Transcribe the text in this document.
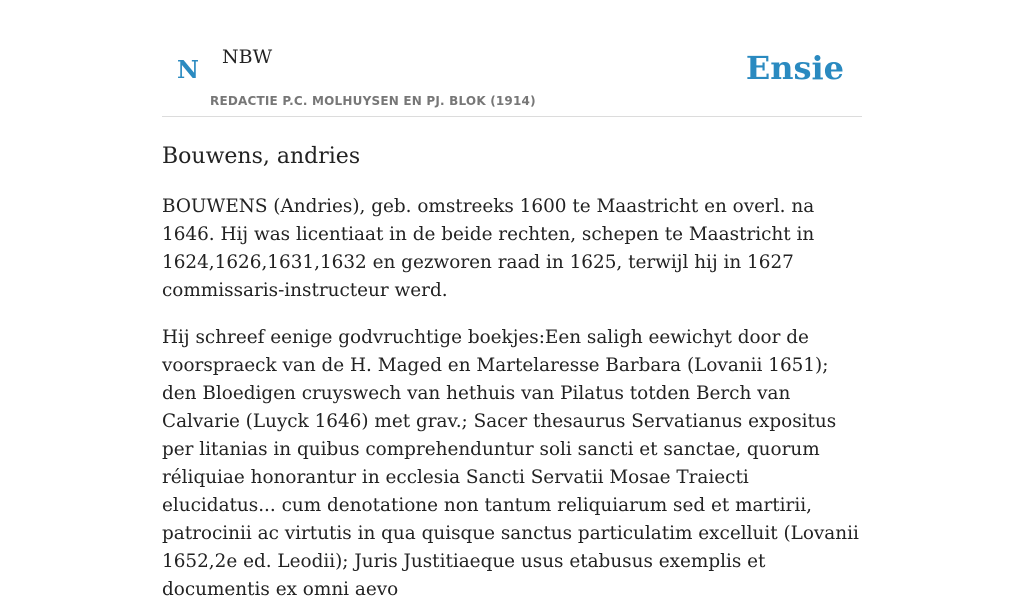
N NBW
REDACTIE P.C. MOLHUYSEN EN PJ. BLOK (1914)
Ensie
Bouwens, andries

BOUWENS (Andries), geb. omstreeks 1600 te Maastricht en overl. na 1646. Hij was licentiaat in de beide rechten, schepen te Maastricht in 1624,1626,1631,1632 en gezworen raad in 1625, terwijl hij in 1627 commissaris-instructeur werd.

Hij schreef eenige godvruchtige boekjes:Een saligh eewichyt door de voorspraeck van de H. Maged en Martelaresse Barbara (Lovanii 1651); den Bloedigen cruyswech van hethuis van Pilatus totden Berch van Calvarie (Luyck 1646) met grav.; Sacer thesaurus Servatianus expositus per litanias in quibus comprehenduntur soli sancti et sanctae, quorum réliquiae honorantur in ecclesia Sancti Servatii Mosae Traiecti elucidatus... cum denotatione non tantum reliquiarum sed et martirii, patrocinii ac virtutis in qua quisque sanctus particulatim excelluit (Lovanii 1652,2e ed. Leodii); Juris Justitiaeque usus etabusus exemplis et documentis ex omni aevo
